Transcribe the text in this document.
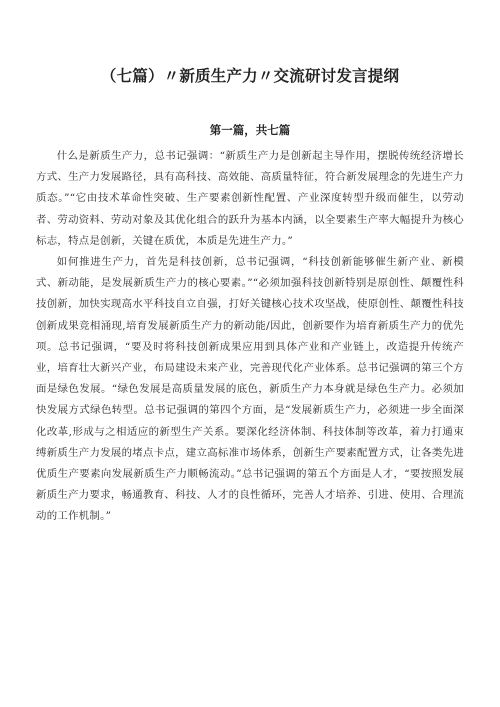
（七篇）〃新质生产力〃交流研讨发言提纲
第一篇，共七篇

什么是新质生产力，总书记强调：“新质生产力是创新起主导作用，摆脱传统经济增长方式、生产力发展路径，具有高科技、高效能、高质量特征，符合新发展理念的先进生产力质态。”“它由技术革命性突破、生产要素创新性配置、产业深度转型升级而催生，以劳动者、劳动资料、劳动对象及其优化组合的跃升为基本内涵，以全要素生产率大幅提升为核心标志，特点是创新，关键在质优，本质是先进生产力。”

如何推进生产力，首先是科技创新，总书记强调，“科技创新能够催生新产业、新模式、新动能，是发展新质生产力的核心要素。”“必须加强科技创新特别是原创性、颠覆性科技创新，加快实现高水平科技自立自强，打好关键核心技术攻坚战，使原创性、颠覆性科技创新成果竞相涌现,培育发展新质生产力的新动能/因此，创新要作为培育新质生产力的优先项。总书记强调，“要及时将科技创新成果应用到具体产业和产业链上，改造提升传统产业，培育壮大新兴产业，布局建设未来产业，完善现代化产业体系。总书记强调的第三个方面是绿色发展。“绿色发展是高质量发展的底色，新质生产力本身就是绿色生产力。必须加快发展方式绿色转型。总书记强调的第四个方面，是“发展新质生产力，必须进一步全面深化改革,形成与之相适应的新型生产关系。要深化经济体制、科技体制等改革，着力打通束缚新质生产力发展的堵点卡点，建立高标准市场体系，创新生产要素配置方式，让各类先进优质生产要素向发展新质生产力顺畅流动。”总书记强调的第五个方面是人才，“要按照发展新质生产力要求，畅通教育、科技、人才的良性循环，完善人才培养、引进、使用、合理流动的工作机制。”
